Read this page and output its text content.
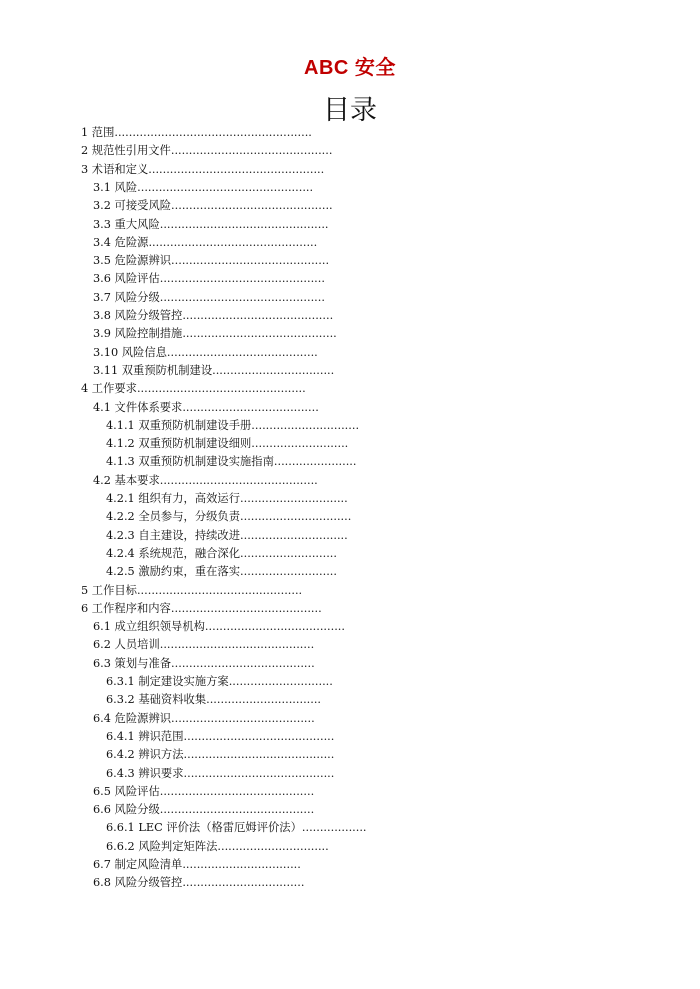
ABC 安全
目录
1 范围.......................................................
2 规范性引用文件.............................................
3 术语和定义.................................................
3.1 风险.................................................
3.2 可接受风险.............................................
3.3 重大风险...............................................
3.4 危险源...............................................
3.5 危险源辨识............................................
3.6 风险评估..............................................
3.7 风险分级..............................................
3.8 风险分级管控..........................................
3.9 风险控制措施...........................................
3.10 风险信息..........................................
3.11 双重预防机制建设..................................
4 工作要求...............................................
4.1 文件体系要求......................................
4.1.1 双重预防机制建设手册..............................
4.1.2 双重预防机制建设细则...........................
4.1.3 双重预防机制建设实施指南.......................
4.2 基本要求............................................
4.2.1 组织有力，高效运行..............................
4.2.2 全员参与，分级负责...............................
4.2.3 自主建设，持续改进..............................
4.2.4 系统规范，融合深化...........................
4.2.5 激励约束，重在落实...........................
5 工作目标..............................................
6 工作程序和内容..........................................
6.1 成立组织领导机构.......................................
6.2 人员培训...........................................
6.3 策划与准备........................................
6.3.1 制定建设实施方案.............................
6.3.2 基础资料收集................................
6.4 危险源辨识........................................
6.4.1 辨识范围..........................................
6.4.2 辨识方法..........................................
6.4.3 辨识要求..........................................
6.5 风险评估...........................................
6.6 风险分级...........................................
6.6.1 LEC 评价法（格雷厄姆评价法）..................
6.6.2 风险判定矩阵法...............................
6.7 制定风险清单.................................
6.8 风险分级管控..................................
